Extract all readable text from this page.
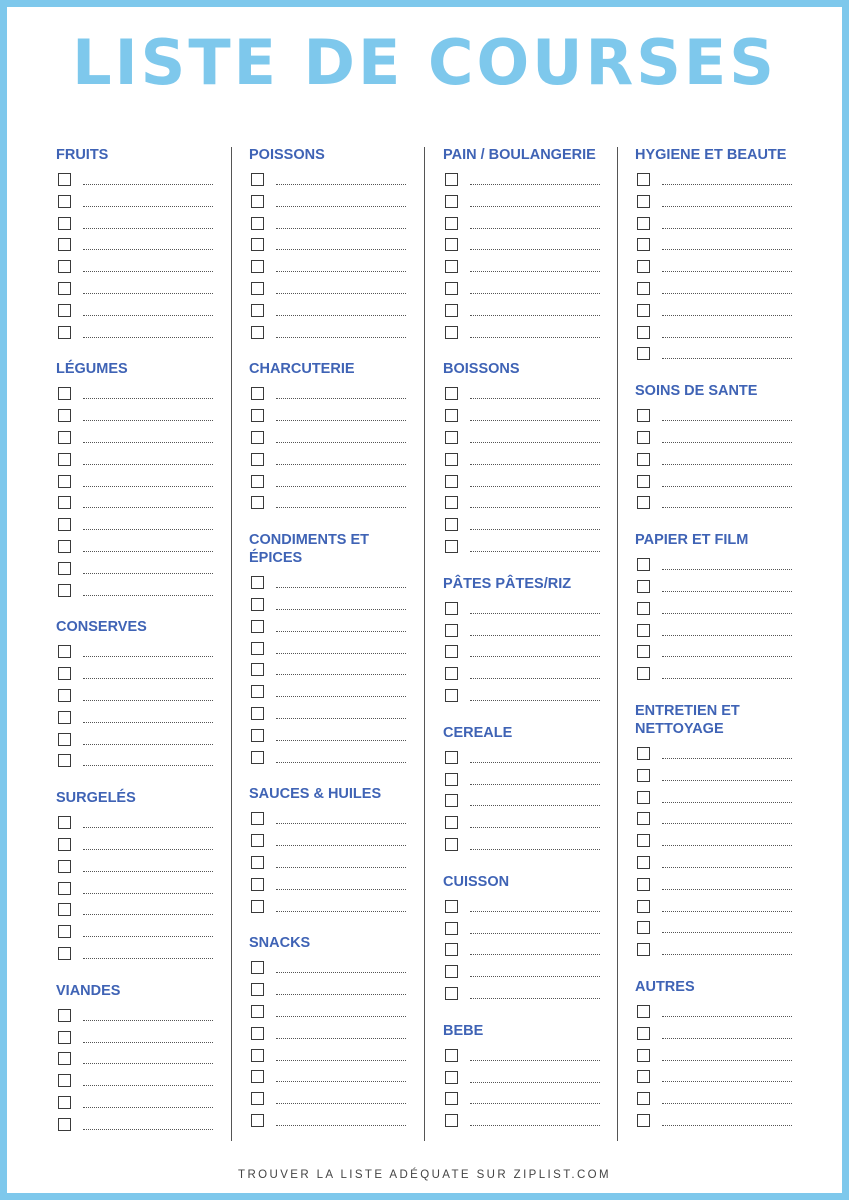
LISTE DE COURSES
FRUITS
LÉGUMES
CONSERVES
SURGELÉS
VIANDES
POISSONS
CHARCUTERIE
CONDIMENTS ET
ÉPICES
SAUCES & HUILES
SNACKS
PAIN / BOULANGERIE
BOISSONS
PÂTES PÂTES/RIZ
CEREALE
CUISSON
BEBE
HYGIENE ET BEAUTE
SOINS DE SANTE
PAPIER ET FILM
ENTRETIEN ET
NETTOYAGE
AUTRES
TROUVER LA LISTE ADÉQUATE SUR ZIPLIST.COM
